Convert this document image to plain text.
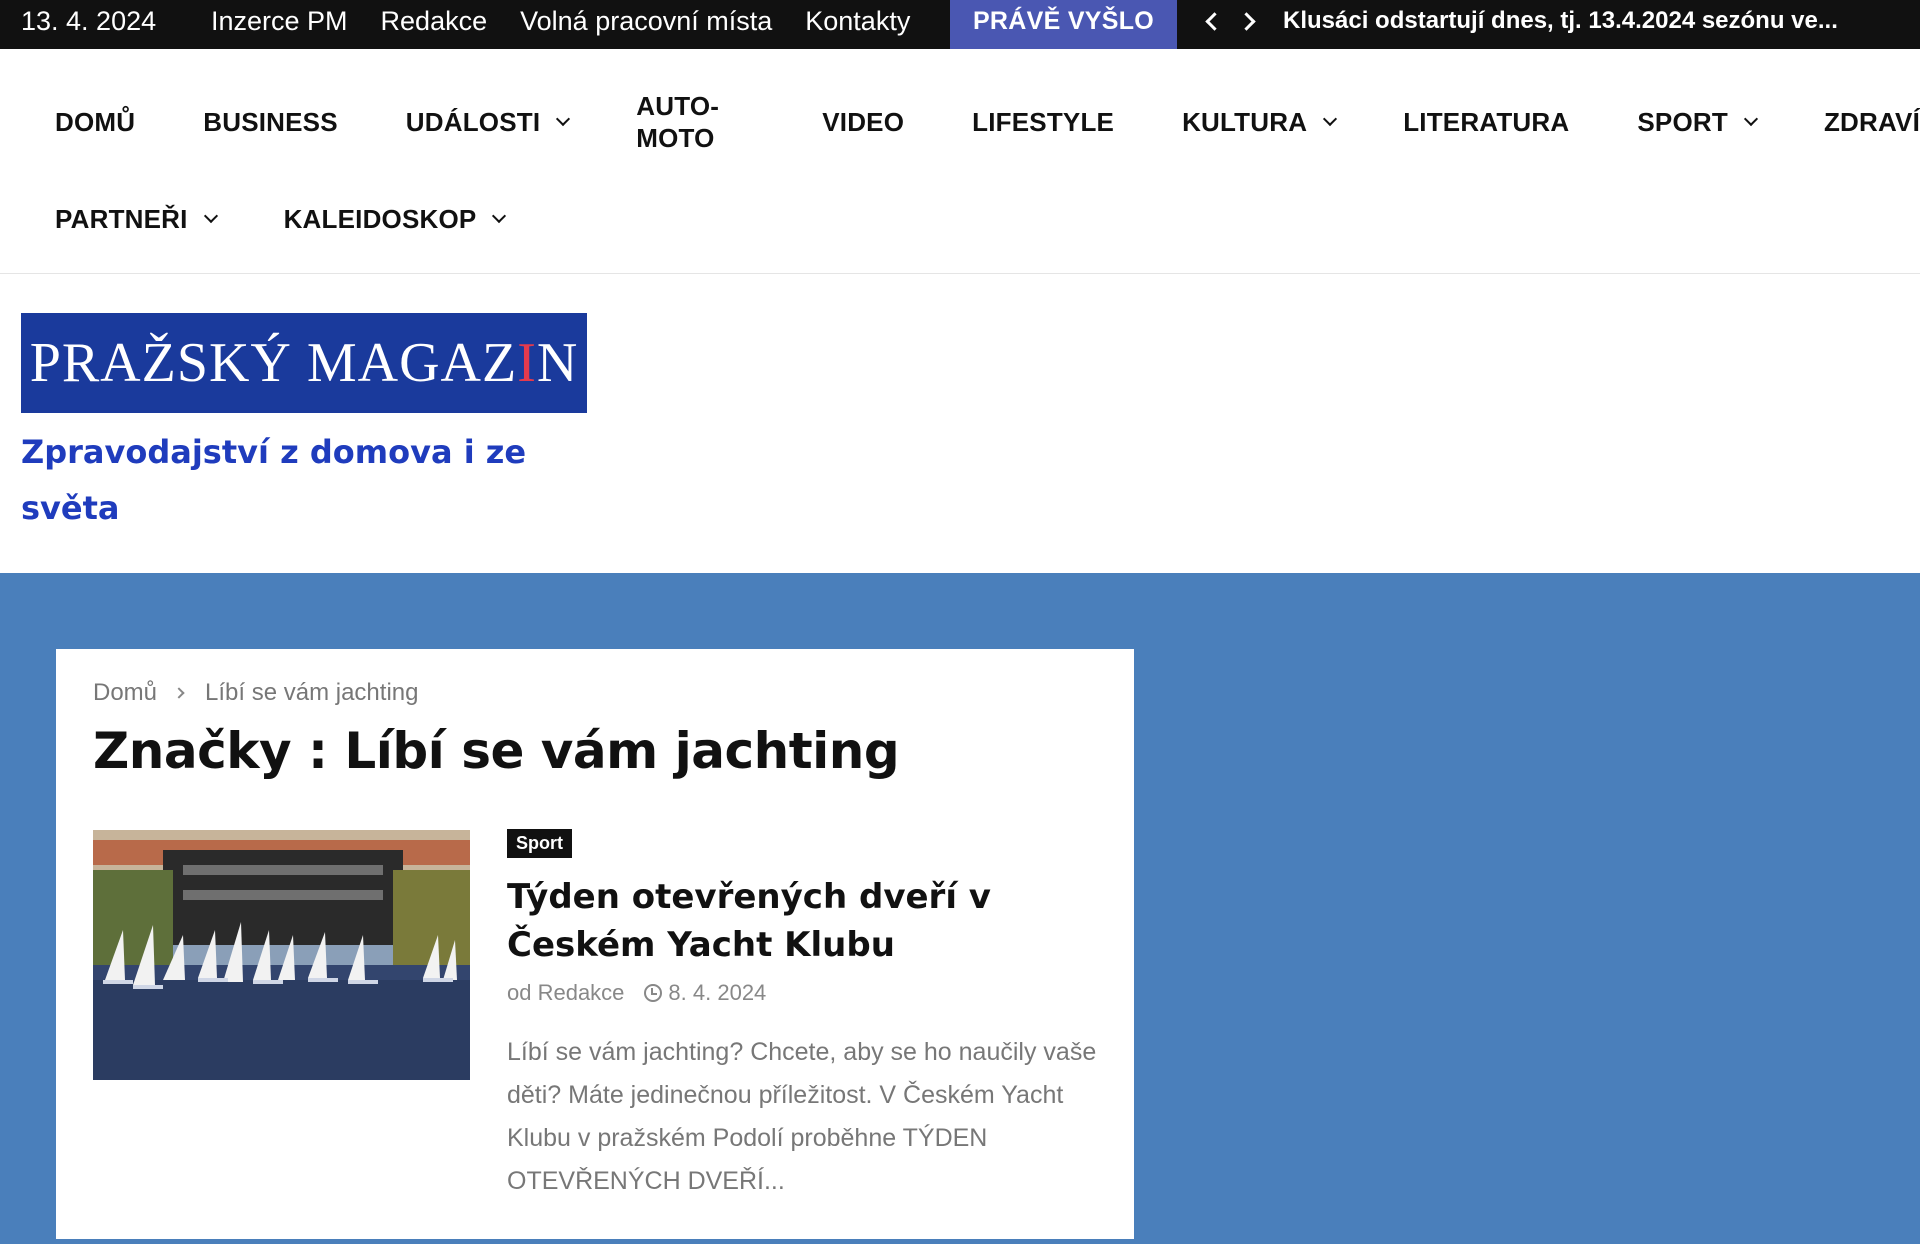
13. 4. 2024 Inzerce PM Redakce Volná pracovní místa Kontakty	PRÁVĚ VYŠLO	Klusáci odstartují dnes, tj. 13.4.2024 sezónu ve...
DOMŮ	BUSINESS	UDÁLOSTI
AUTO-MOTO
VIDEO	LIFESTYLE	KULTURA	LITERATURA	SPORT	ZDRAVÍ
PARTNEŘI	KALEIDOSKOP
PRAŽSKÝ MAGAZIN
Zpravodajství z domova i ze světa
Domů Líbí se vám jachting
Značky : Líbí se vám jachting
Sport
Týden otevřených dveří v Českém Yacht Klubu
od Redakce 8. 4. 2024

Líbí se vám jachting? Chcete, aby se ho naučily vaše děti? Máte jedinečnou příležitost. V Českém Yacht Klubu v pražském Podolí proběhne TÝDEN OTEVŘENÝCH DVEŘÍ...
